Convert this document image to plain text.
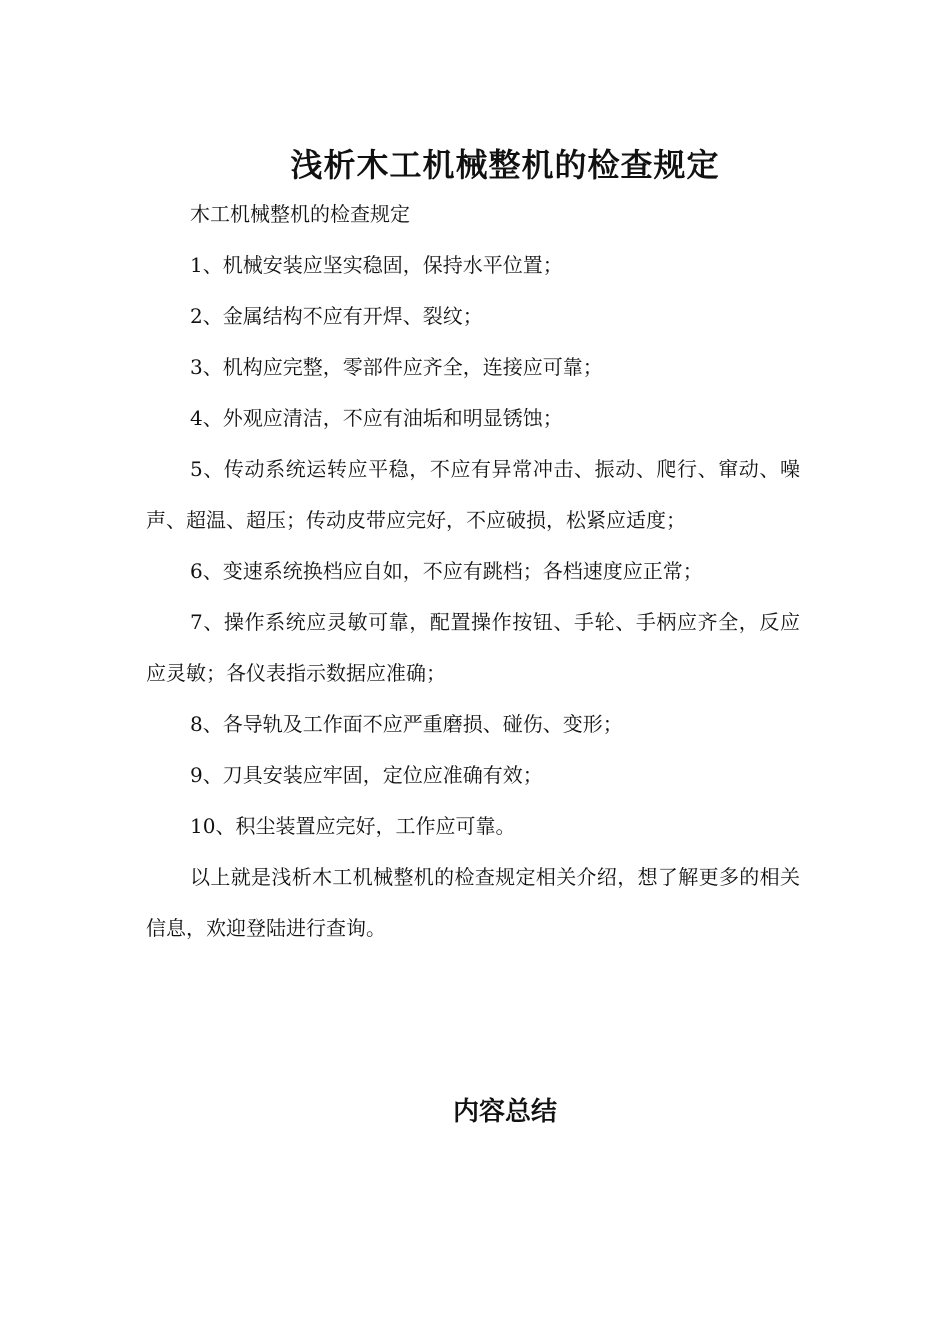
浅析木工机械整机的检查规定

木工机械整机的检查规定

1、机械安装应坚实稳固，保持水平位置；

2、金属结构不应有开焊、裂纹；

3、机构应完整，零部件应齐全，连接应可靠；

4、外观应清洁，不应有油垢和明显锈蚀；

5、传动系统运转应平稳，不应有异常冲击、振动、爬行、窜动、噪声、超温、超压；传动皮带应完好，不应破损，松紧应适度；

6、变速系统换档应自如，不应有跳档；各档速度应正常；

7、操作系统应灵敏可靠，配置操作按钮、手轮、手柄应齐全，反应应灵敏；各仪表指示数据应准确；

8、各导轨及工作面不应严重磨损、碰伤、变形；

9、刀具安装应牢固，定位应准确有效；

10、积尘装置应完好，工作应可靠。

以上就是浅析木工机械整机的检查规定相关介绍，想了解更多的相关信息，欢迎登陆进行查询。

内容总结
